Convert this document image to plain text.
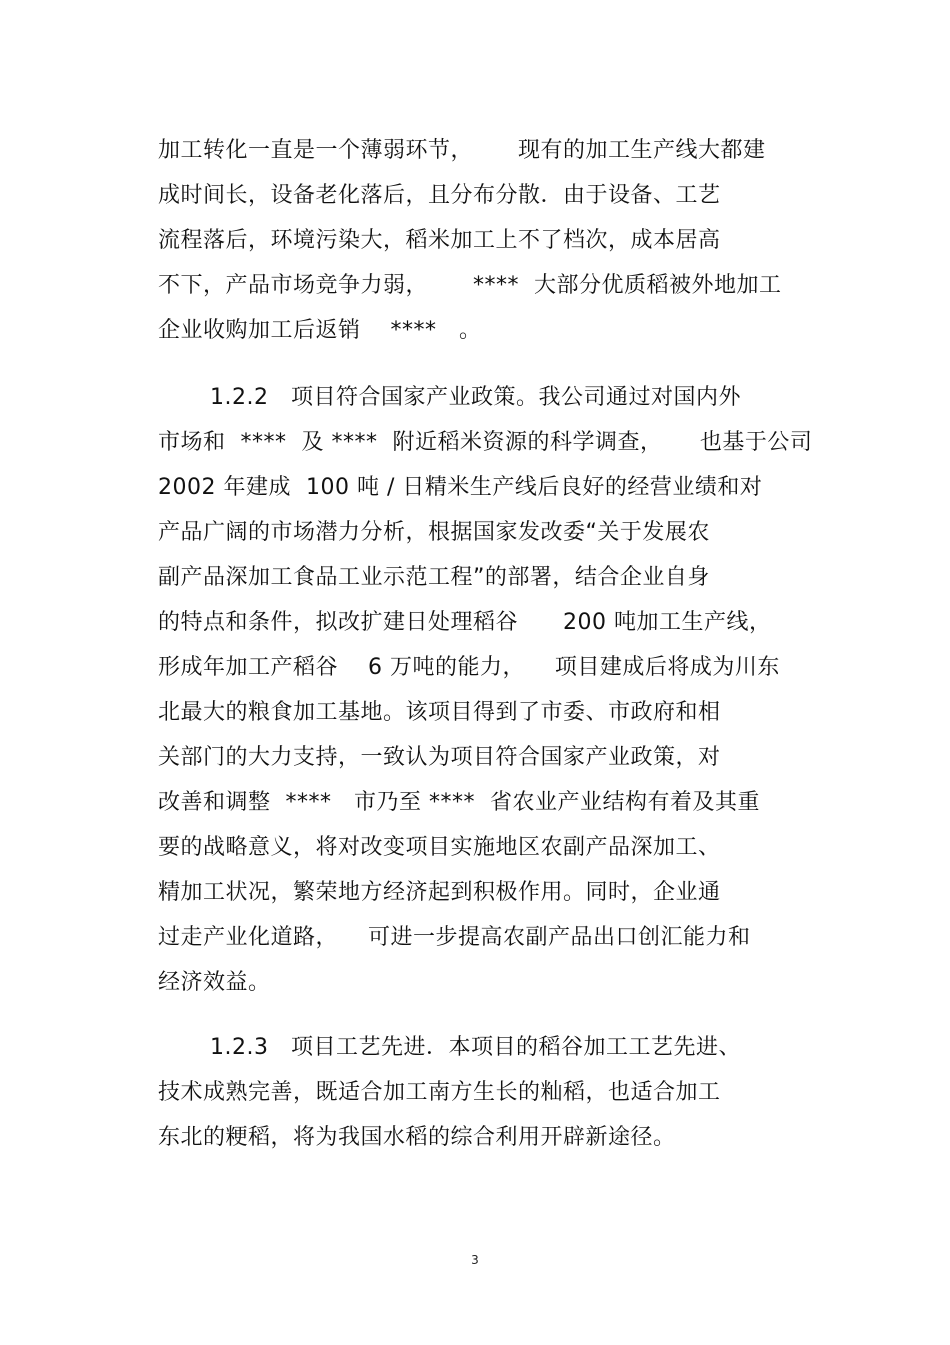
加工转化一直是一个薄弱环节，      现有的加工生产线大都建
成时间长，设备老化落后，且分布分散．由于设备、工艺
流程落后，环境污染大，稻米加工上不了档次，成本居高
不下，产品市场竞争力弱，      ****  大部分优质稻被外地加工
企业收购加工后返销    ****   。
1.2.2   项目符合国家产业政策。我公司通过对国内外
市场和  ****  及 ****  附近稻米资源的科学调查，     也基于公司
2002 年建成  100 吨 / 日精米生产线后良好的经营业绩和对
产品广阔的市场潜力分析，根据国家发改委“关于发展农
副产品深加工食品工业示范工程”的部署，结合企业自身
的特点和条件，拟改扩建日处理稻谷      200 吨加工生产线，
形成年加工产稻谷    6 万吨的能力，    项目建成后将成为川东
北最大的粮食加工基地。该项目得到了市委、市政府和相
关部门的大力支持，一致认为项目符合国家产业政策，对
改善和调整  ****   市乃至 ****  省农业产业结构有着及其重
要的战略意义，将对改变项目实施地区农副产品深加工、
精加工状况，繁荣地方经济起到积极作用。同时，企业通
过走产业化道路，    可进一步提高农副产品出口创汇能力和
经济效益。
1.2.3   项目工艺先进．本项目的稻谷加工工艺先进、
技术成熟完善，既适合加工南方生长的籼稻，也适合加工
东北的粳稻，将为我国水稻的综合利用开辟新途径。
3
